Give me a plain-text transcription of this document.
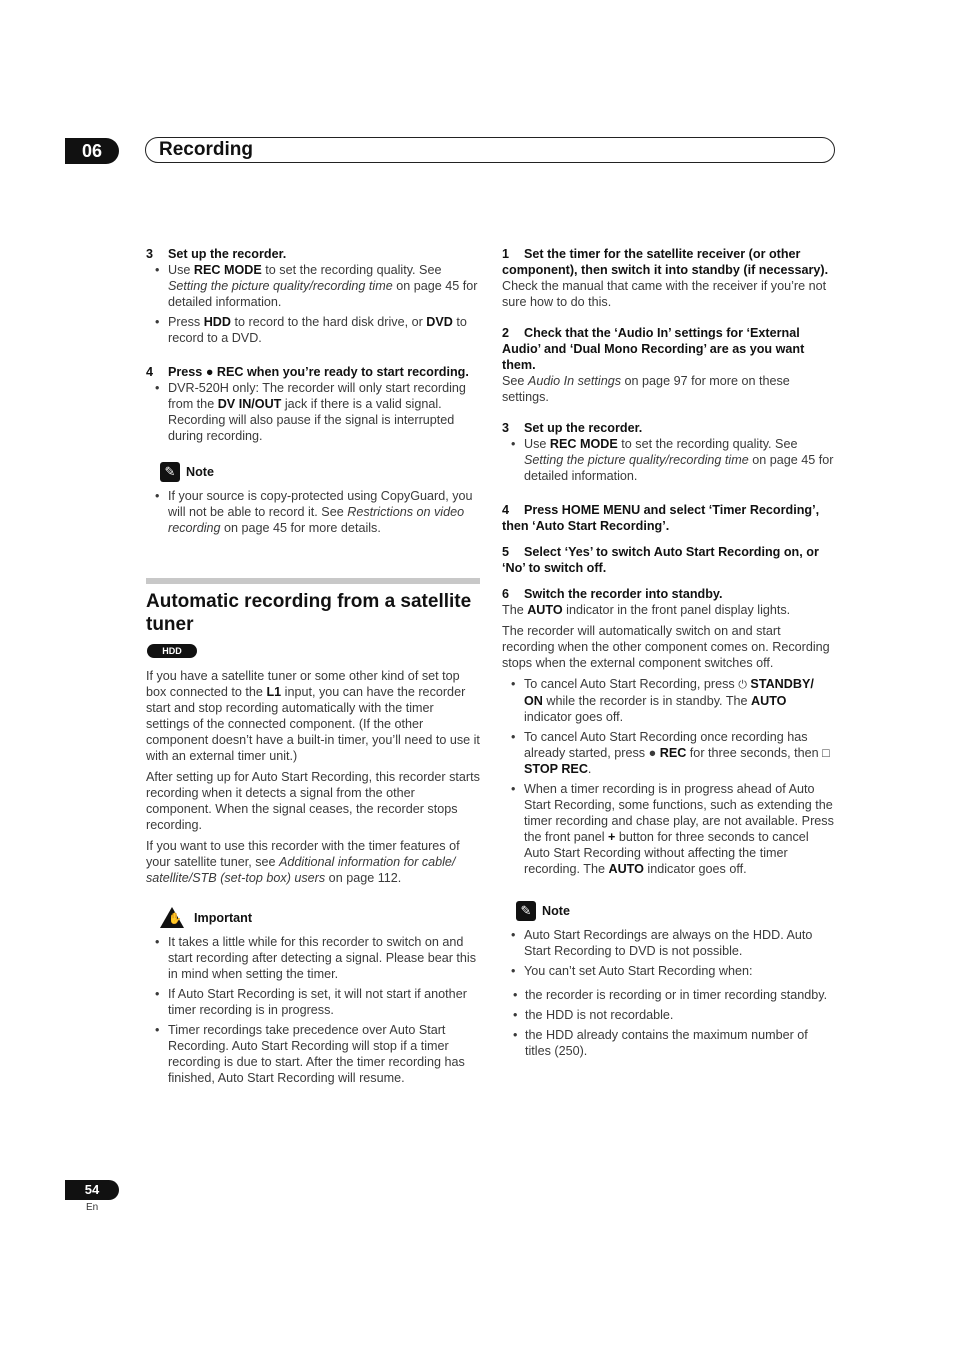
06	Recording

3 Set up the recorder.

• Use REC MODE to set the recording quality. See Setting the picture quality/recording time on page 45 for detailed information.
• Press HDD to record to the hard disk drive, or DVD to record to a DVD.

4 Press ● REC when you’re ready to start recording.

• DVR-520H only: The recorder will only start recording from the DV IN/OUT jack if there is a valid signal. Recording will also pause if the signal is interrupted during recording.
✎ Note
• If your source is copy-protected using CopyGuard, you will not be able to record it. See Restrictions on video recording on page 45 for more details.
Automatic recording from a satellite tuner
HDD

If you have a satellite tuner or some other kind of set top box connected to the L1 input, you can have the recorder start and stop recording automatically with the timer settings of the connected component. (If the other component doesn’t have a built-in timer, you’ll need to use it with an external timer unit.)

After setting up for Auto Start Recording, this recorder starts recording when it detects a signal from the other component. When the signal ceases, the recorder stops recording.

If you want to use this recorder with the timer features of your satellite tuner, see Additional information for cable/ satellite/STB (set-top box) users on page 112.

✋ Important
• It takes a little while for this recorder to switch on and start recording after detecting a signal. Please bear this in mind when setting the timer.
• If Auto Start Recording is set, it will not start if another timer recording is in progress.
• Timer recordings take precedence over Auto Start Recording. Auto Start Recording will stop if a timer recording is due to start. After the timer recording has finished, Auto Start Recording will resume.

1 Set the timer for the satellite receiver (or other component), then switch it into standby (if necessary).

Check the manual that came with the receiver if you’re not sure how to do this.

2 Check that the ‘Audio In’ settings for ‘External Audio’ and ‘Dual Mono Recording’ are as you want them.

See Audio In settings on page 97 for more on these settings.

3 Set up the recorder.

• Use REC MODE to set the recording quality. See Setting the picture quality/recording time on page 45 for detailed information.

4 Press HOME MENU and select ‘Timer Recording’, then ‘Auto Start Recording’.

5 Select ‘Yes’ to switch Auto Start Recording on, or ‘No’ to switch off.

6 Switch the recorder into standby.

The AUTO indicator in the front panel display lights.

The recorder will automatically switch on and start recording when the other component comes on. Recording stops when the external component switches off.

• To cancel Auto Start Recording, press ⏻ STANDBY/ ON while the recorder is in standby. The AUTO indicator goes off.
• To cancel Auto Start Recording once recording has already started, press ● REC for three seconds, then □ STOP REC.
• When a timer recording is in progress ahead of Auto Start Recording, some functions, such as extending the timer recording and chase play, are not available. Press the front panel + button for three seconds to cancel Auto Start Recording without affecting the timer recording. The AUTO indicator goes off.
✎ Note
• Auto Start Recordings are always on the HDD. Auto Start Recording to DVD is not possible.
• You can’t set Auto Start Recording when:
• the recorder is recording or in timer recording standby.
• the HDD is not recordable.
• the HDD already contains the maximum number of titles (250).
54
En
